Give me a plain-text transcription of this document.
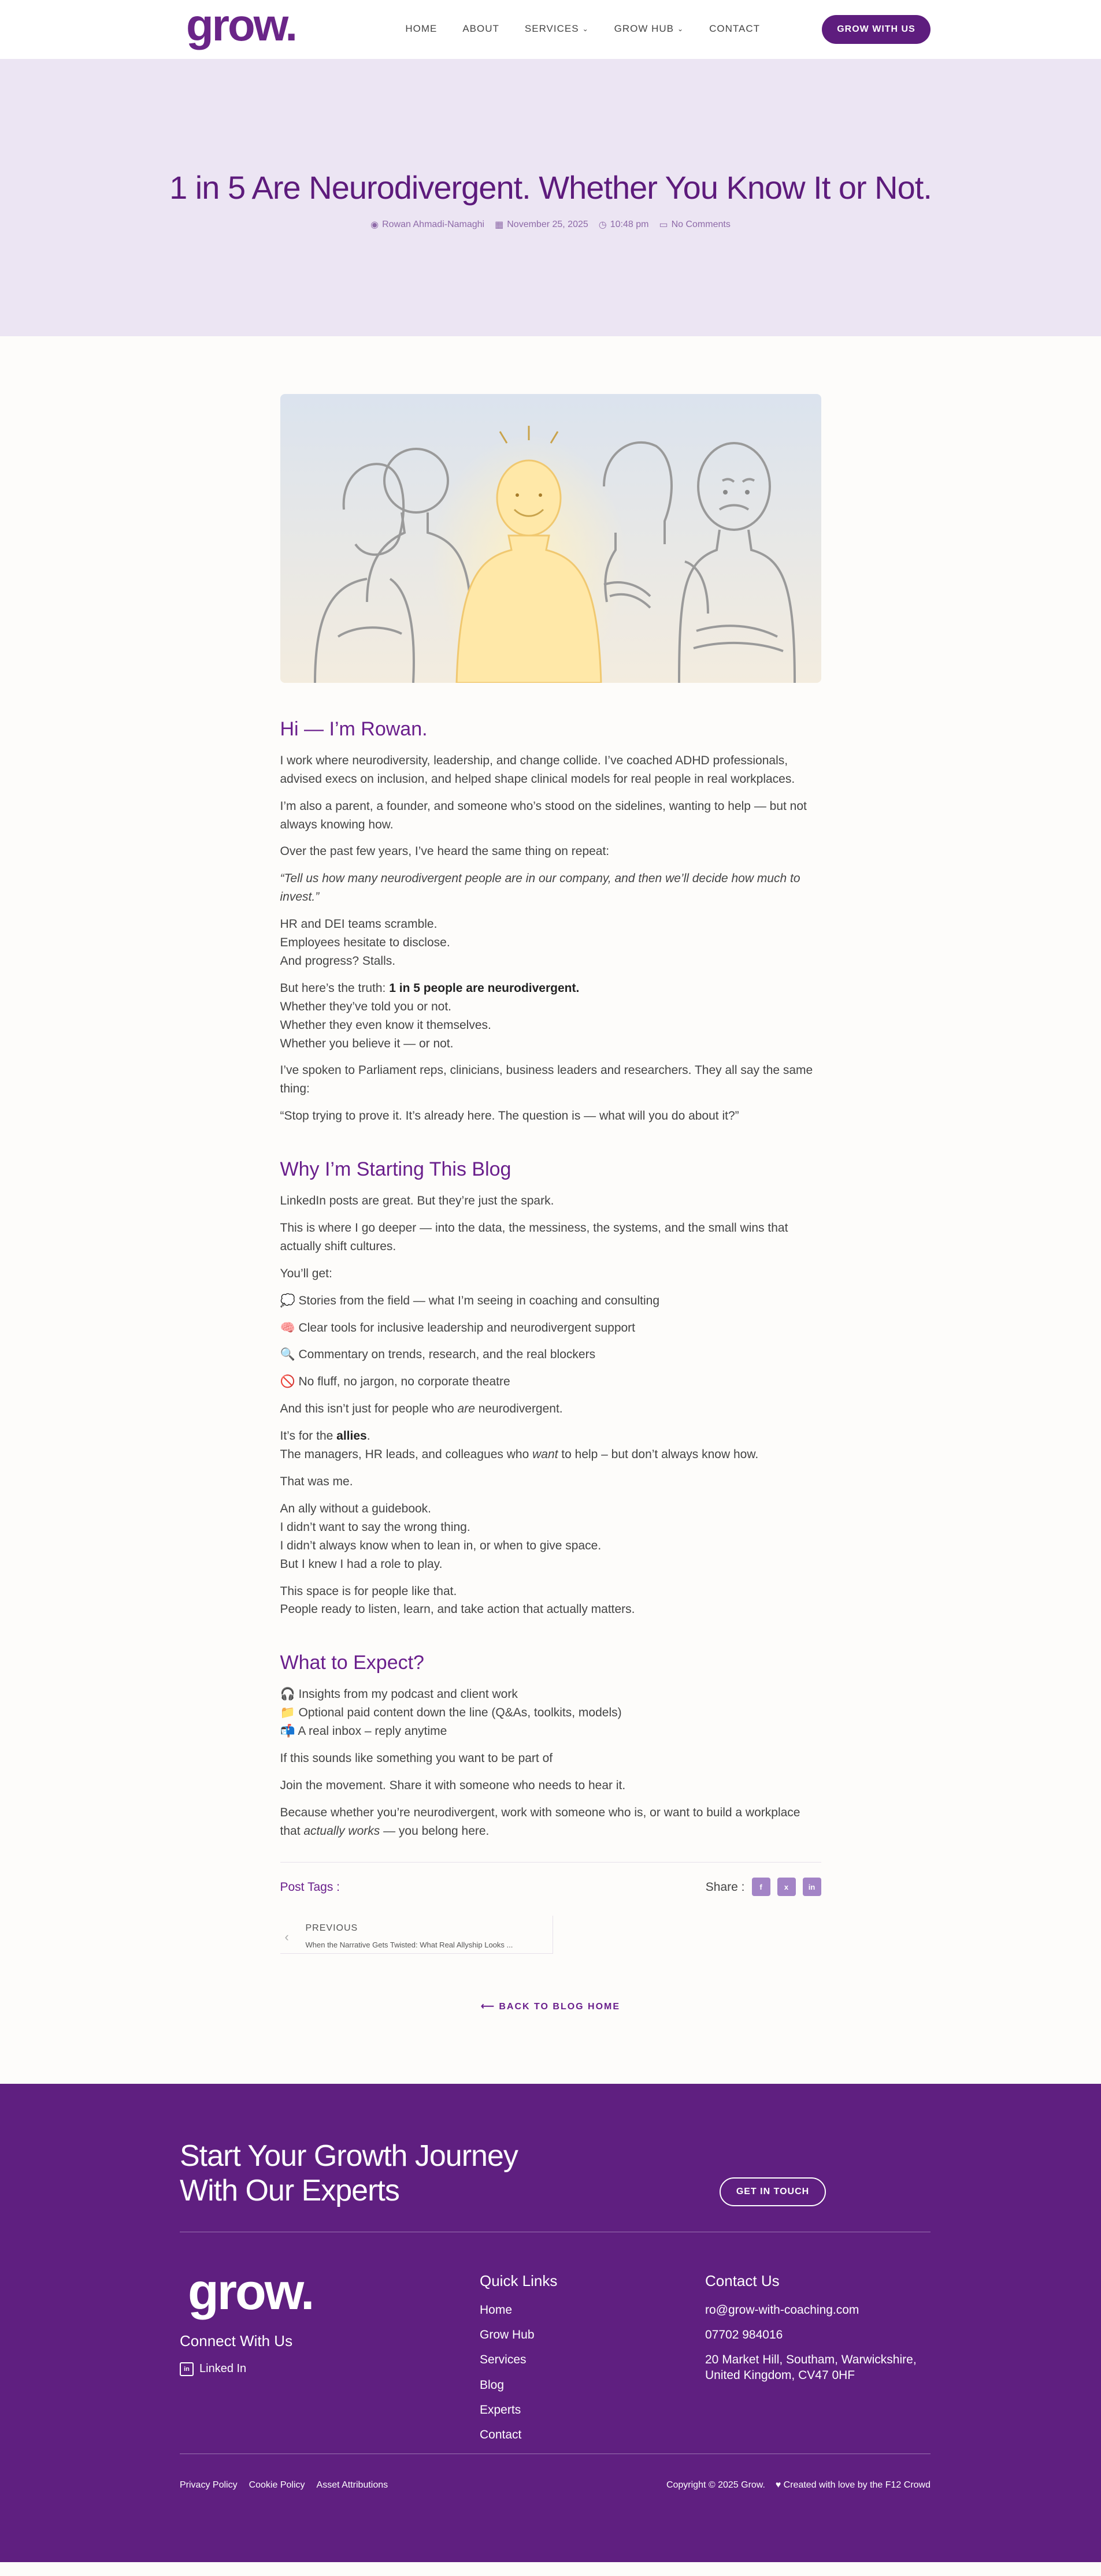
grow.	HOME	ABOUT	SERVICES ⌄	GROW HUB ⌄	CONTACT	GROW WITH US
1 in 5 Are Neurodivergent. Whether You Know It or Not.
◉ Rowan Ahmadi-Namaghi ▦ November 25, 2025 ◷ 10:48 pm ▭ No Comments
Hi — I’m Rowan.

I work where neurodiversity, leadership, and change collide. I’ve coached ADHD professionals, advised execs on inclusion, and helped shape clinical models for real people in real workplaces.

I’m also a parent, a founder, and someone who’s stood on the sidelines, wanting to help — but not always knowing how.

Over the past few years, I’ve heard the same thing on repeat:

“Tell us how many neurodivergent people are in our company, and then we’ll decide how much to invest.”

HR and DEI teams scramble.
Employees hesitate to disclose.
And progress? Stalls.

But here’s the truth: 1 in 5 people are neurodivergent.
Whether they’ve told you or not.
Whether they even know it themselves.
Whether you believe it — or not.

I’ve spoken to Parliament reps, clinicians, business leaders and researchers. They all say the same thing:

“Stop trying to prove it. It’s already here. The question is — what will you do about it?”

Why I’m Starting This Blog

LinkedIn posts are great. But they’re just the spark.

This is where I go deeper — into the data, the messiness, the systems, and the small wins that actually shift cultures.

You’ll get:

💭 Stories from the field — what I’m seeing in coaching and consulting

🧠 Clear tools for inclusive leadership and neurodivergent support

🔍 Commentary on trends, research, and the real blockers

🚫 No fluff, no jargon, no corporate theatre

And this isn’t just for people who are neurodivergent.

It’s for the allies.
The managers, HR leads, and colleagues who want to help – but don’t always know how.

That was me.

An ally without a guidebook.
I didn’t want to say the wrong thing.
I didn’t always know when to lean in, or when to give space.
But I knew I had a role to play.

This space is for people like that.
People ready to listen, learn, and take action that actually matters.

What to Expect?

🎧 Insights from my podcast and client work
📁 Optional paid content down the line (Q&As, toolkits, models)
📬 A real inbox – reply anytime

If this sounds like something you want to be part of

Join the movement. Share it with someone who needs to hear it.

Because whether you’re neurodivergent, work with someone who is, or want to build a workplace that actually works — you belong here.

Post Tags :	Share :	f	x	in
‹
PREVIOUS
When the Narrative Gets Twisted: What Real Allyship Looks ...
⟵ BACK TO BLOG HOME
Start Your Growth Journey
With Our Experts	GET IN TOUCH
grow.
Connect With Us
in Linked In
Quick Links
Home
Grow Hub
Services
Blog
Experts
Contact
Contact Us
ro@grow-with-coaching.com
07702 984016
20 Market Hill, Southam, Warwickshire,
United Kingdom, CV47 0HF
Privacy Policy Cookie Policy Asset Attributions	Copyright © 2025 Grow. ♥ Created with love by the F12 Crowd
